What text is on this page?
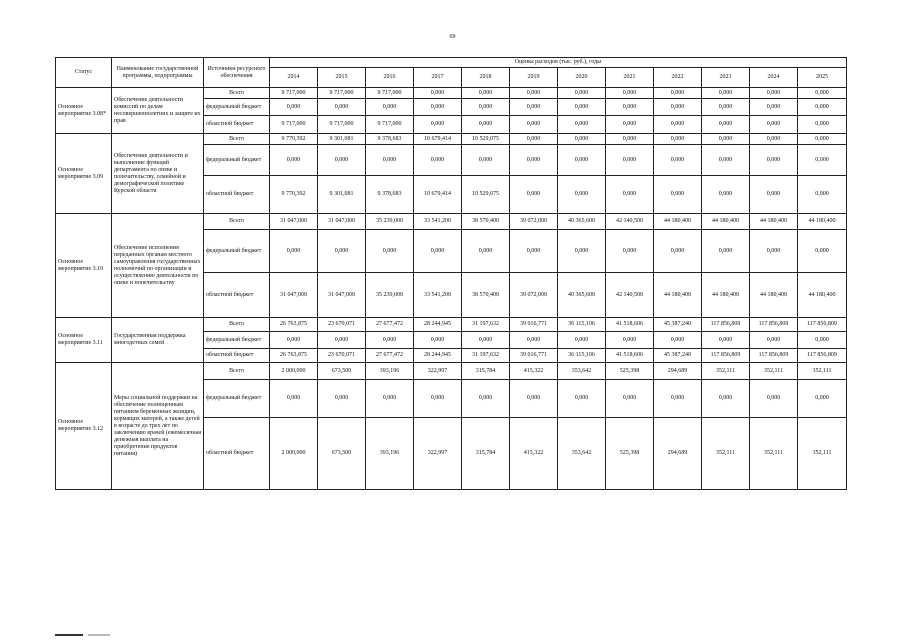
69
Статус	Наименование государственной программы, подпрограммы	Источники ресурсного обеспечения	Оценка расходов (тыс. руб.), годы											
			2014	2015	2016	2017	2018	2019	2020	2021	2022	2023	2024	2025
Основное мероприятие 3.08*	Обеспечение деятельности комиссий по делам несовершеннолетних и защите их прав	Всего	9 717,000	9 717,000	9 717,000	0,000	0,000	0,000	0,000	0,000	0,000	0,000	0,000	0,000
		федеральный бюджет	0,000	0,000	0,000	0,000	0,000	0,000	0,000	0,000	0,000	0,000	0,000	0,000
		областной бюджет	9 717,000	9 717,000	9 717,000	0,000	0,000	0,000	0,000	0,000	0,000	0,000	0,000	0,000
Основное мероприятие 3.09	Обеспечение деятельности и выполнение функций департамента по опеке и попечительству, семейной и демографической политике Курской области	Всего	9 770,392	9 301,081	9 378,683	10 679,414	10 529,075	0,000	0,000	0,000	0,000	0,000	0,000	0,000
		федеральный бюджет	0,000	0,000	0,000	0,000	0,000	0,000	0,000	0,000	0,000	0,000	0,000	0,000
		областной бюджет	9 770,392	9 301,081	9 378,683	10 679,414	10 529,075	0,000	0,000	0,000	0,000	0,000	0,000	0,000
Основное мероприятие 3.10	Обеспечение исполнения переданных органам местного самоуправления государственных полномочий по организации и осуществлению деятельности по опеке и попечительству	Всего	31 047,000	31 047,000	35 239,000	33 541,200	38 570,400	39 072,000	40 365,600	42 140,500	44 180,400	44 180,400	44 180,400	44 180,400
		федеральный бюджет	0,000	0,000	0,000	0,000	0,000	0,000	0,000	0,000	0,000	0,000	0,000	0,000
		областной бюджет	31 047,000	31 047,000	35 239,000	33 541,200	38 570,400	39 072,000	40 365,600	42 140,500	44 180,400	44 180,400	44 180,400	44 180,400
Основное мероприятие 3.11	Государственная поддержка многодетных семей	Всего	26 763,875	23 670,071	27 677,472	28 244,945	31 197,632	39 016,771	36 115,106	41 518,606	45 387,240	117 856,809	117 856,809	117 856,809
		федеральный бюджет	0,000	0,000	0,000	0,000	0,000	0,000	0,000	0,000	0,000	0,000	0,000	0,000
		областной бюджет	26 763,875	23 670,071	27 677,472	28 244,945	31 197,632	39 016,771	36 115,106	41 518,606	45 387,240	117 856,809	117 856,809	117 856,809
Основное мероприятие 3.12	Меры социальной поддержки на обеспечение полноценным питанием беременных женщин, кормящих матерей, а также детей в возрасте до трех лет по заключению врачей (ежемесячная денежная выплата на приобретение продуктов питания)	Всего	2 000,000	673,500	393,196	322,997	315,784	415,322	353,642	525,398	294,689	352,111	352,111	352,111
		федеральный бюджет	0,000	0,000	0,000	0,000	0,000	0,000	0,000	0,000	0,000	0,000	0,000	0,000
		областной бюджет	2 000,000	673,500	393,196	322,997	315,784	415,322	353,642	525,398	294,689	352,111	352,111	352,111
